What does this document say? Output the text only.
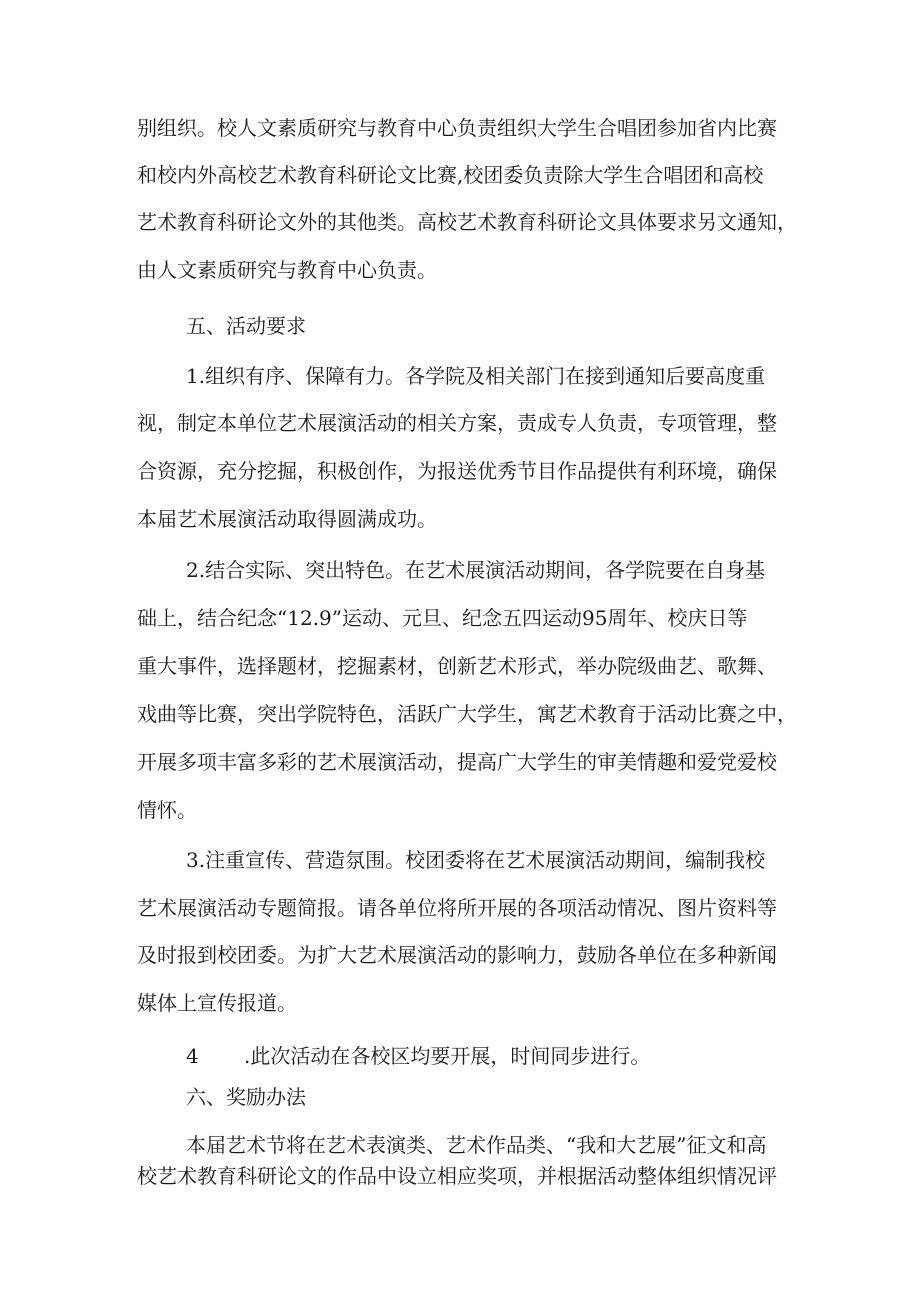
别组织。校人文素质研究与教育中心负责组织大学生合唱团参加省内比赛
和校内外高校艺术教育科研论文比赛,校团委负责除大学生合唱团和高校
艺术教育科研论文外的其他类。高校艺术教育科研论文具体要求另文通知，
由人文素质研究与教育中心负责。
五、活动要求
1.组织有序、保障有力。各学院及相关部门在接到通知后要高度重
视，制定本单位艺术展演活动的相关方案，责成专人负责，专项管理，整
合资源，充分挖掘，积极创作，为报送优秀节目作品提供有利环境，确保
本届艺术展演活动取得圆满成功。
2.结合实际、突出特色。在艺术展演活动期间，各学院要在自身基
础上，结合纪念“12.9”运动、元旦、纪念五四运动95周年、校庆日等
重大事件，选择题材，挖掘素材，创新艺术形式，举办院级曲艺、歌舞、
戏曲等比赛，突出学院特色，活跃广大学生，寓艺术教育于活动比赛之中，
开展多项丰富多彩的艺术展演活动，提高广大学生的审美情趣和爱党爱校
情怀。
3.注重宣传、营造氛围。校团委将在艺术展演活动期间，编制我校
艺术展演活动专题简报。请各单位将所开展的各项活动情况、图片资料等
及时报到校团委。为扩大艺术展演活动的影响力，鼓励各单位在多种新闻
媒体上宣传报道。
4 .此次活动在各校区均要开展，时间同步进行。
六、奖励办法
本届艺术节将在艺术表演类、艺术作品类、“我和大艺展”征文和高
校艺术教育科研论文的作品中设立相应奖项，并根据活动整体组织情况评
